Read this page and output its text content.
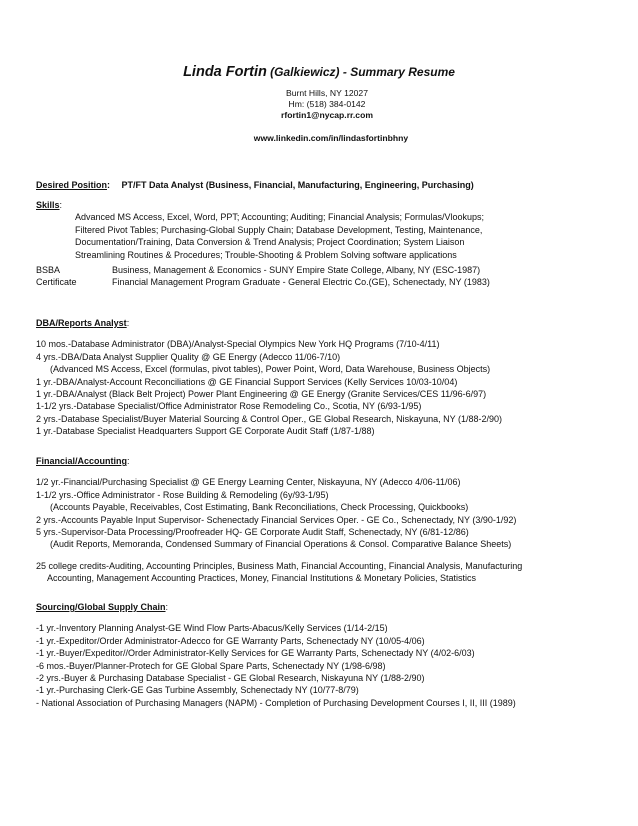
Linda Fortin (Galkiewicz) - Summary Resume
Burnt Hills, NY 12027
Hm: (518) 384-0142
rfortin1@nycap.rr.com
www.linkedin.com/in/lindasfortinbhny
Desired Position: PT/FT Data Analyst (Business, Financial, Manufacturing, Engineering, Purchasing)
Skills:
Advanced MS Access, Excel, Word, PPT; Accounting; Auditing; Financial Analysis; Formulas/Vlookups;
Filtered Pivot Tables; Purchasing-Global Supply Chain; Database Development, Testing, Maintenance,
Documentation/Training, Data Conversion & Trend Analysis; Project Coordination; System Liaison
Streamlining Routines & Procedures; Trouble-Shooting & Problem Solving software applications
BSBA	Business, Management & Economics - SUNY Empire State College, Albany, NY (ESC-1987)
Certificate	Financial Management Program Graduate - General Electric Co.(GE), Schenectady, NY (1983)
DBA/Reports Analyst:
10 mos.-Database Administrator (DBA)/Analyst-Special Olympics New York HQ Programs (7/10-4/11)
4 yrs.-DBA/Data Analyst Supplier Quality @ GE Energy (Adecco 11/06-7/10)
(Advanced MS Access, Excel (formulas, pivot tables), Power Point, Word, Data Warehouse, Business Objects)
1 yr.-DBA/Analyst-Account Reconciliations @ GE Financial Support Services (Kelly Services 10/03-10/04)
1 yr.-DBA/Analyst (Black Belt Project) Power Plant Engineering @ GE Energy (Granite Services/CES 11/96-6/97)
1-1/2 yrs.-Database Specialist/Office Administrator Rose Remodeling Co., Scotia, NY (6/93-1/95)
2 yrs.-Database Specialist/Buyer Material Sourcing & Control Oper., GE Global Research, Niskayuna, NY (1/88-2/90)
1 yr.-Database Specialist Headquarters Support GE Corporate Audit Staff (1/87-1/88)
Financial/Accounting:
1/2 yr.-Financial/Purchasing Specialist @ GE Energy Learning Center, Niskayuna, NY (Adecco 4/06-11/06)
1-1/2 yrs.-Office Administrator - Rose Building & Remodeling (6y/93-1/95)
(Accounts Payable, Receivables, Cost Estimating, Bank Reconciliations, Check Processing, Quickbooks)
2 yrs.-Accounts Payable Input Supervisor- Schenectady Financial Services Oper. - GE Co., Schenectady, NY (3/90-1/92)
5 yrs.-Supervisor-Data Processing/Proofreader HQ- GE Corporate Audit Staff, Schenectady, NY (6/81-12/86)
(Audit Reports, Memoranda, Condensed Summary of Financial Operations & Consol. Comparative Balance Sheets)
25 college credits-Auditing, Accounting Principles, Business Math, Financial Accounting, Financial Analysis, Manufacturing
Accounting, Management Accounting Practices, Money, Financial Institutions & Monetary Policies, Statistics
Sourcing/Global Supply Chain:
-1 yr.-Inventory Planning Analyst-GE Wind Flow Parts-Abacus/Kelly Services (1/14-2/15)
-1 yr.-Expeditor/Order Administrator-Adecco for GE Warranty Parts, Schenectady NY (10/05-4/06)
-1 yr.-Buyer/Expeditor//Order Administrator-Kelly Services for GE Warranty Parts, Schenectady NY (4/02-6/03)
-6 mos.-Buyer/Planner-Protech for GE Global Spare Parts, Schenectady NY (1/98-6/98)
-2 yrs.-Buyer & Purchasing Database Specialist - GE Global Research, Niskayuna NY (1/88-2/90)
-1 yr.-Purchasing Clerk-GE Gas Turbine Assembly, Schenectady NY (10/77-8/79)
- National Association of Purchasing Managers (NAPM) - Completion of Purchasing Development Courses I, II, III (1989)
